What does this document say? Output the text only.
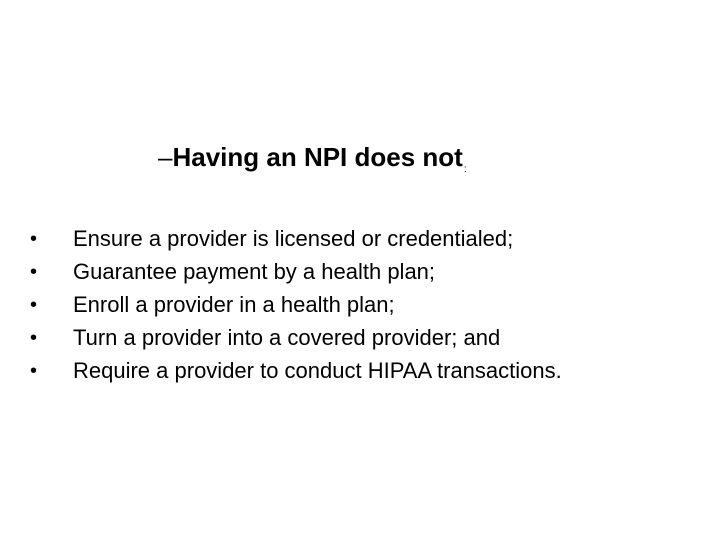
–Having an NPI does not$_:$
•	Ensure a provider is licensed or credentialed;
•	Guarantee payment by a health plan;
•	Enroll a provider in a health plan;
•	Turn a provider into a covered provider; and
•	Require a provider to conduct HIPAA transactions.
